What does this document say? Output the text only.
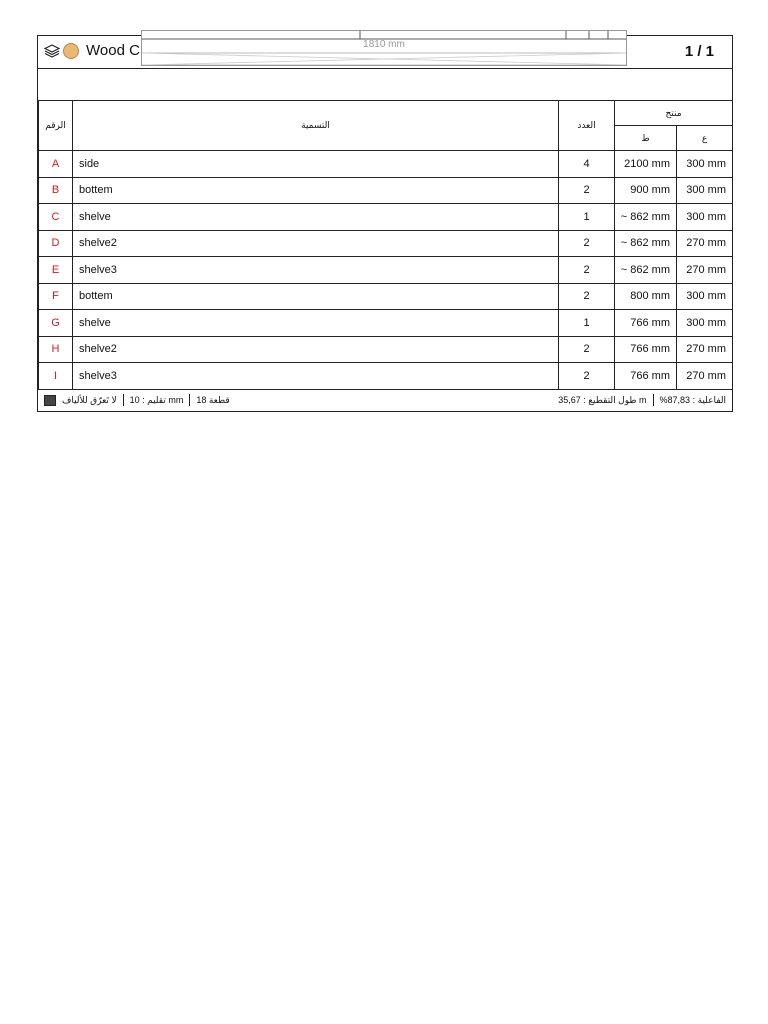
Wood C	1810 mm	1 / 1
الرقم	التسمية	العدد	منتج	
			ط	ع
A	side	4	2100 mm	300 mm
B	bottem	2	900 mm	300 mm
C	shelve	1	~ 862 mm	300 mm
D	shelve2	2	~ 862 mm	270 mm
E	shelve3	2	~ 862 mm	270 mm
F	bottem	2	800 mm	300 mm
G	shelve	1	766 mm	300 mm
H	shelve2	2	766 mm	270 mm
I	shelve3	2	766 mm	270 mm
لا تَعرّق للألياف تقليم : 10 mm قطعة 18	35,67 : طول التقطيع m %الفاعلية : 87,83
